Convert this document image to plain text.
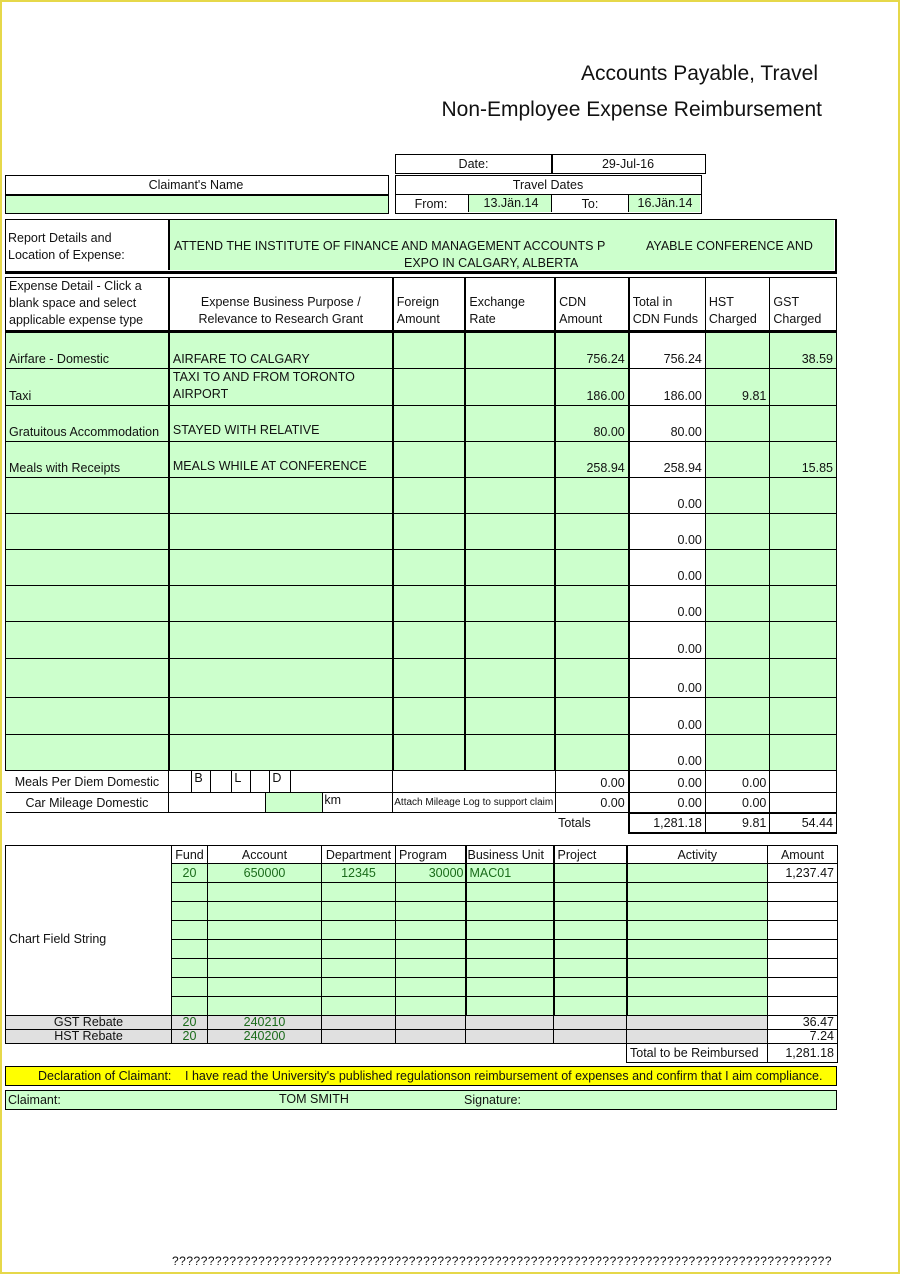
Accounts Payable, Travel
Non-Employee Expense Reimbursement
Date:	29-Jul-16
Claimant's Name	Travel Dates
From:	13.Jän.14	To:	16.Jän.14
Report Details and Location of Expense:
ATTEND THE INSTITUTE OF FINANCE AND MANAGEMENT ACCOUNTS P	AYABLE CONFERENCE AND
EXPO IN CALGARY, ALBERTA
Expense Detail - Click a blank space and select applicable expense type	Expense Business Purpose / Relevance to Research Grant	Foreign Amount	Exchange Rate	CDN Amount	Total in CDN Funds	HST Charged	GST Charged
Airfare - Domestic	AIRFARE TO CALGARY			756.24	756.24		38.59
Taxi	TAXI TO AND FROM TORONTO AIRPORT			186.00	186.00	9.81	
Gratuitous Accommodation	STAYED WITH RELATIVE			80.00	80.00		
Meals with Receipts	MEALS WHILE AT CONFERENCE			258.94	258.94		15.85
					0.00		
					0.00		
					0.00		
					0.00		
					0.00		
					0.00		
					0.00		
					0.00		
Meals Per Diem Domestic	B L D			0.00	0.00	0.00	
Car Mileage Domestic	km	Attach Mileage Log to support claim		0.00	0.00	0.00	
				Totals	1,281.18	9.81	54.44
	Fund	Account	Department	Program	Business Unit	Project	Activity	Amount
Chart Field String	20	650000	12345	30000	MAC01			1,237.47

GST Rebate	20	240210						36.47
HST Rebate	20	240200						7.24
							Total to be Reimbursed	1,281.18
Declaration of Claimant: I have read the University's published regulationson reimbursement of expenses and confirm that I aim compliance.
Claimant:	TOM SMITH	Signature:
????????????????????????????????????????????????????????????????????????????????????????????
